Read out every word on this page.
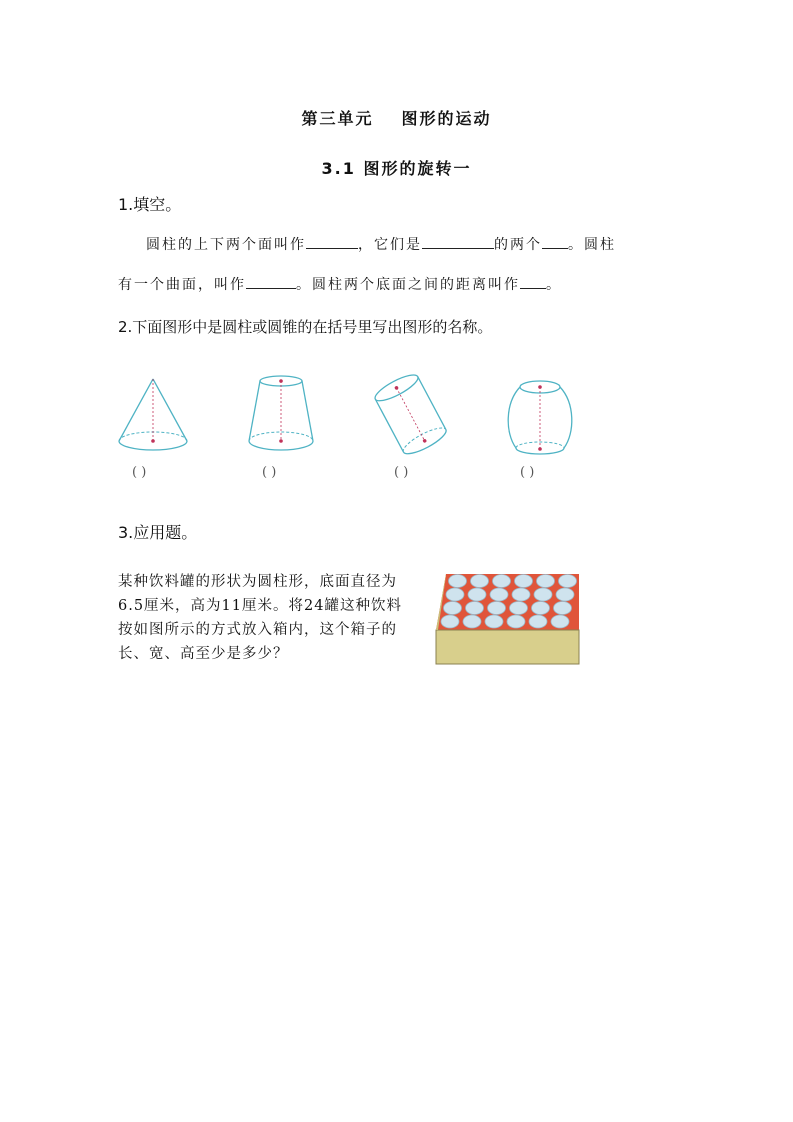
第三单元 图形的运动
3.1 图形的旋转一
1.填空。
圆柱的上下两个面叫作	，它们是	的两个 。圆柱
有一个曲面，叫作	。圆柱两个底面之间的距离叫作 。
2.下面图形中是圆柱或圆锥的在括号里写出图形的名称。
( )	( )	( )	( )
3.应用题。
某种饮料罐的形状为圆柱形，底面直径为6.5厘米，高为11厘米。将24罐这种饮料按如图所示的方式放入箱内，这个箱子的长、宽、高至少是多少？
